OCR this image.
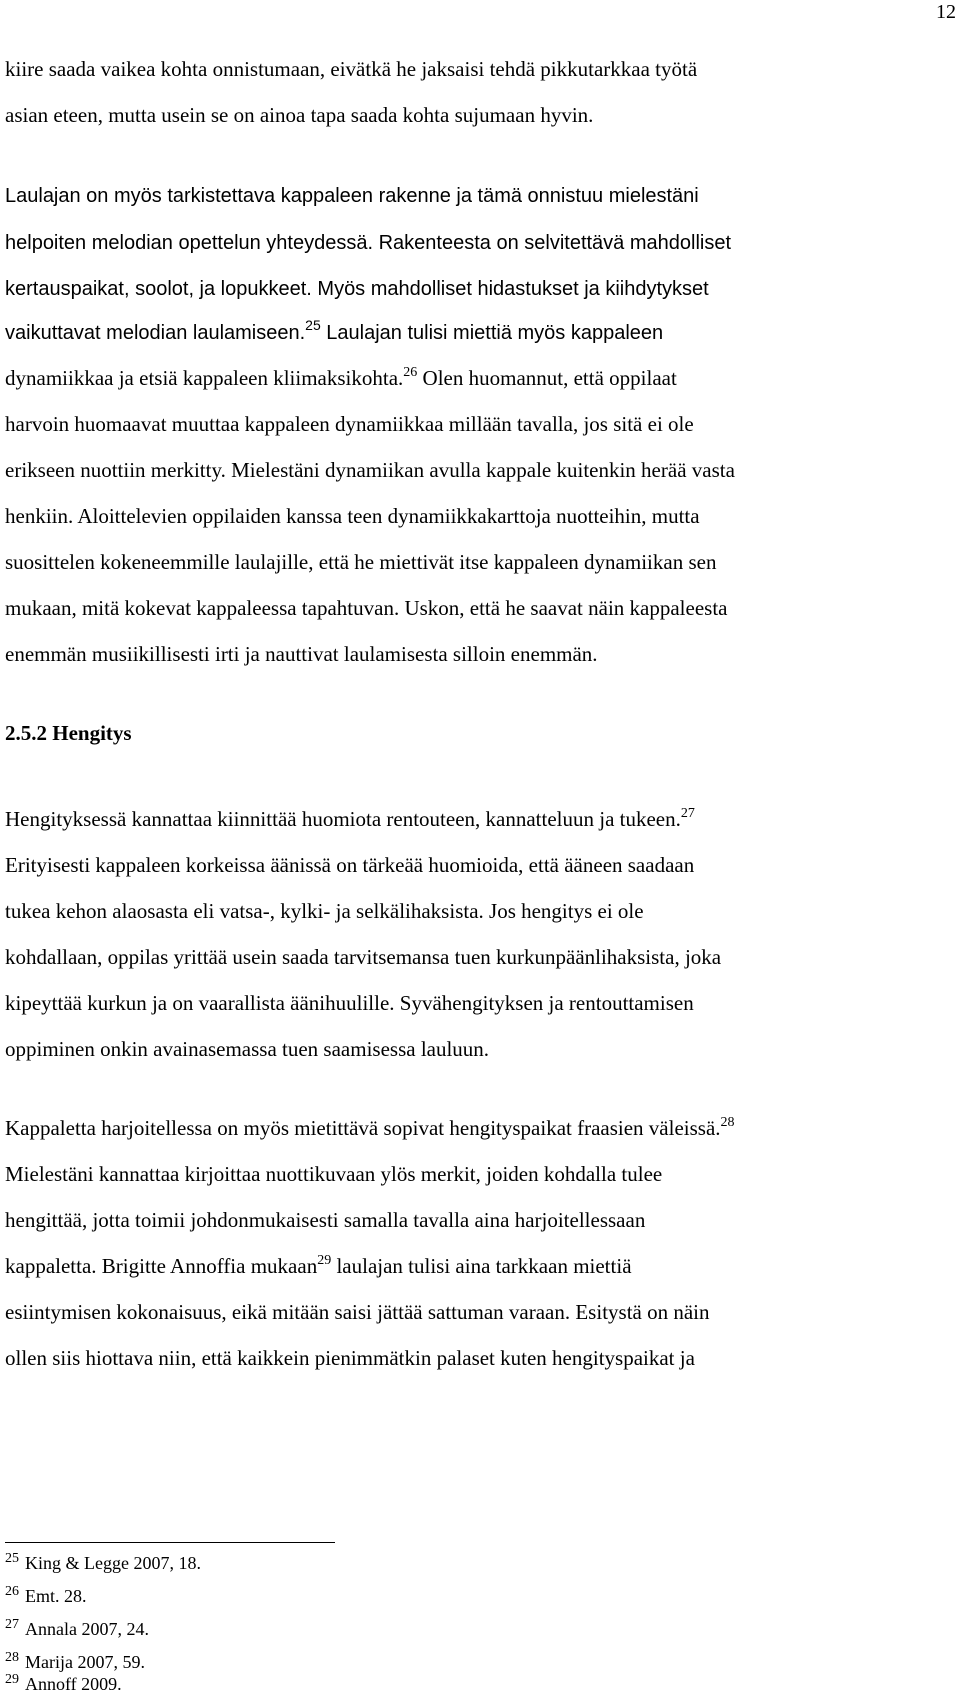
12
kiire saada vaikea kohta onnistumaan, eivätkä he jaksaisi tehdä pikkutarkkaa työtä
asian eteen, mutta usein se on ainoa tapa saada kohta sujumaan hyvin.
Laulajan on myös tarkistettava kappaleen rakenne ja tämä onnistuu mielestäni
helpoiten melodian opettelun yhteydessä. Rakenteesta on selvitettävä mahdolliset
kertauspaikat, soolot, ja lopukkeet. Myös mahdolliset hidastukset ja kiihdytykset
vaikuttavat melodian laulamiseen.$^{25}$ Laulajan tulisi miettiä myös kappaleen
dynamiikkaa ja etsiä kappaleen kliimaksikohta.$^{26}$ Olen huomannut, että oppilaat
harvoin huomaavat muuttaa kappaleen dynamiikkaa millään tavalla, jos sitä ei ole
erikseen nuottiin merkitty. Mielestäni dynamiikan avulla kappale kuitenkin herää vasta
henkiin. Aloittelevien oppilaiden kanssa teen dynamiikkakarttoja nuotteihin, mutta
suosittelen kokeneemmille laulajille, että he miettivät itse kappaleen dynamiikan sen
mukaan, mitä kokevat kappaleessa tapahtuvan. Uskon, että he saavat näin kappaleesta
enemmän musiikillisesti irti ja nauttivat laulamisesta silloin enemmän.
2.5.2 Hengitys
Hengityksessä kannattaa kiinnittää huomiota rentouteen, kannatteluun ja tukeen.$^{27}$
Erityisesti kappaleen korkeissa äänissä on tärkeää huomioida, että ääneen saadaan
tukea kehon alaosasta eli vatsa-, kylki- ja selkälihaksista. Jos hengitys ei ole
kohdallaan, oppilas yrittää usein saada tarvitsemansa tuen kurkunpäänlihaksista, joka
kipeyttää kurkun ja on vaarallista äänihuulille. Syvähengityksen ja rentouttamisen
oppiminen onkin avainasemassa tuen saamisessa lauluun.
Kappaletta harjoitellessa on myös mietittävä sopivat hengityspaikat fraasien väleissä.$^{28}$
Mielestäni kannattaa kirjoittaa nuottikuvaan ylös merkit, joiden kohdalla tulee
hengittää, jotta toimii johdonmukaisesti samalla tavalla aina harjoitellessaan
kappaletta. Brigitte Annoffia mukaan$^{29}$ laulajan tulisi aina tarkkaan miettiä
esiintymisen kokonaisuus, eikä mitään saisi jättää sattuman varaan. Esitystä on näin
ollen siis hiottava niin, että kaikkein pienimmätkin palaset kuten hengityspaikat ja
$^{25}$ King & Legge 2007, 18.
$^{26}$ Emt. 28.
$^{27}$ Annala 2007, 24.
$^{28}$ Marija 2007, 59.
$^{29}$ Annoff 2009.
